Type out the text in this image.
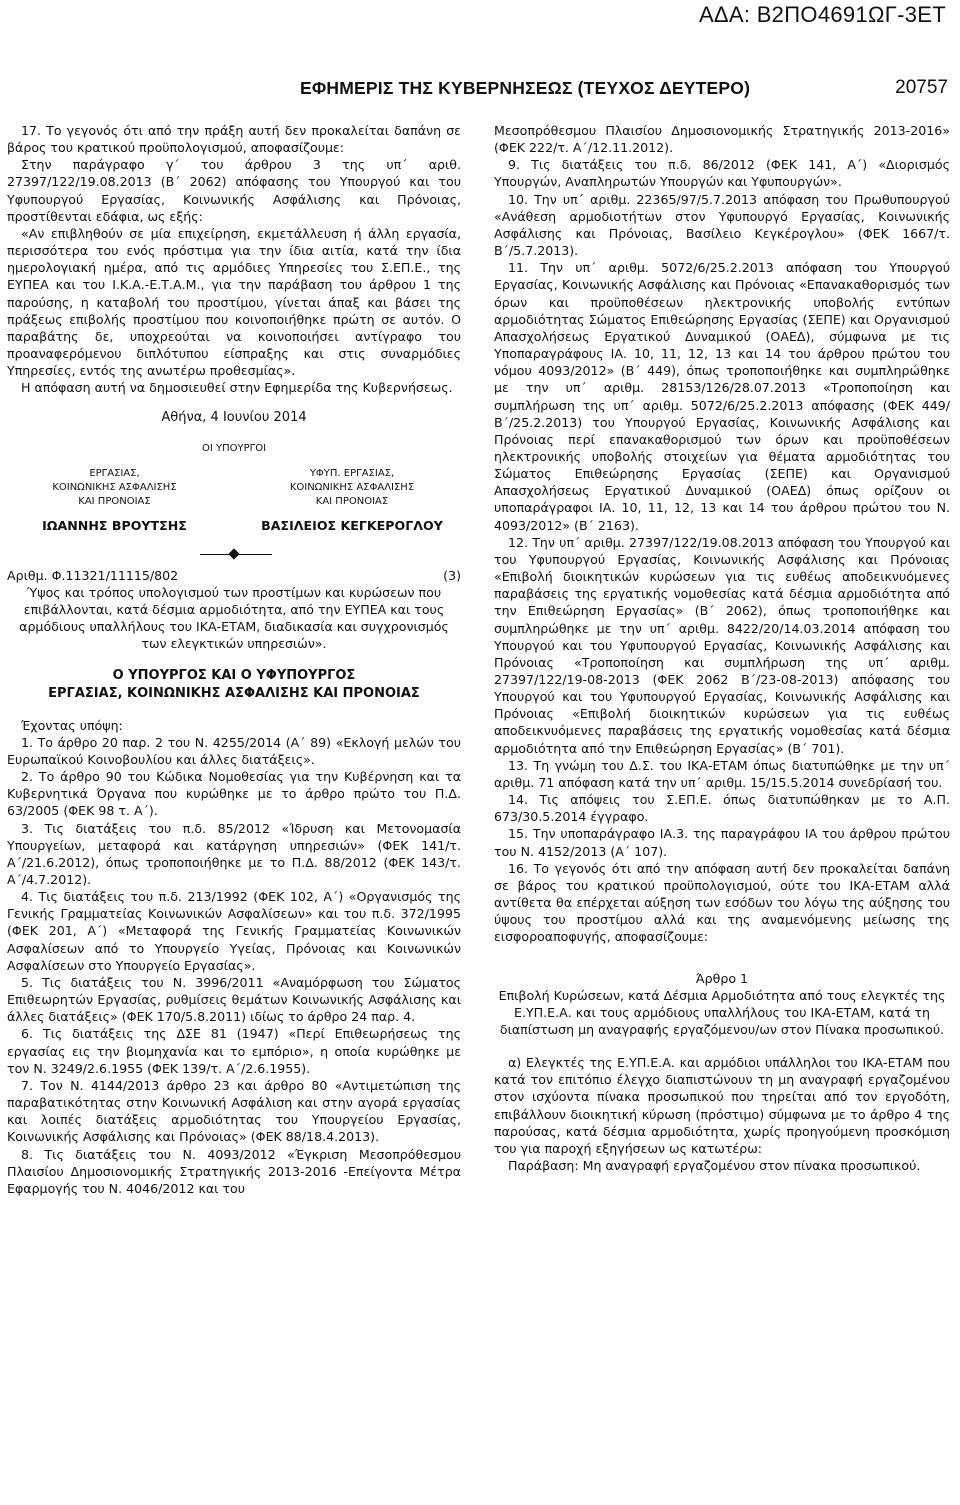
ΑΔΑ: Β2ΠΟ4691ΩΓ-3ΕΤ
ΕΦΗΜΕΡΙΣ ΤΗΣ ΚΥΒΕΡΝΗΣΕΩΣ (ΤΕΥΧΟΣ ΔΕΥΤΕΡΟ)	20757

17. Το γεγονός ότι από την πράξη αυτή δεν προκαλείται δαπάνη σε βάρος του κρατικού προϋπολογισμού, αποφασίζουμε:

Στην παράγραφο γ΄ του άρθρου 3 της υπ΄ αριθ. 27397/122/19.08.2013 (Β΄ 2062) απόφασης του Υπουργού και του Υφυπουργού Εργασίας, Κοινωνικής Ασφάλισης και Πρόνοιας, προστίθενται εδάφια, ως εξής:

«Αν επιβληθούν σε μία επιχείρηση, εκμετάλλευση ή άλλη εργασία, περισσότερα του ενός πρόστιμα για την ίδια αιτία, κατά την ίδια ημερολογιακή ημέρα, από τις αρμόδιες Υπηρεσίες του Σ.ΕΠ.Ε., της ΕΥΠΕΑ και του Ι.Κ.Α.-Ε.Τ.Α.Μ., για την παράβαση του άρθρου 1 της παρούσης, η καταβολή του προστίμου, γίνεται άπαξ και βάσει της πράξεως επιβολής προστίμου που κοινοποιήθηκε πρώτη σε αυτόν. Ο παραβάτης δε, υποχρεούται να κοινοποιήσει αντίγραφο του προαναφερόμενου διπλότυπου είσπραξης και στις συναρμόδιες Υπηρεσίες, εντός της ανωτέρω προθεσμίας».

Η απόφαση αυτή να δημοσιευθεί στην Εφημερίδα της Κυβερνήσεως.

Αθήνα, 4 Ιουνίου 2014

ΟΙ ΥΠΟΥΡΓΟΙ

ΕΡΓΑΣΙΑΣ,
ΚΟΙΝΩΝΙΚΗΣ ΑΣΦΑΛΙΣΗΣ
ΚΑΙ ΠΡΟΝΟΙΑΣ
ΙΩΑΝΝΗΣ ΒΡΟΥΤΣΗΣ
ΥΦΥΠ. ΕΡΓΑΣΙΑΣ,
ΚΟΙΝΩΝΙΚΗΣ ΑΣΦΑΛΙΣΗΣ
ΚΑΙ ΠΡΟΝΟΙΑΣ
ΒΑΣΙΛΕΙΟΣ ΚΕΓΚΕΡΟΓΛΟΥ
Αριθμ. Φ.11321/11115/802	(3)

Ύψος και τρόπος υπολογισμού των προστίμων και κυρώσεων που επιβάλλονται, κατά δέσμια αρμοδιότητα, από την ΕΥΠΕΑ και τους αρμόδιους υπαλλήλους του ΙΚΑ-ΕΤΑΜ, διαδικασία και συγχρονισμός των ελεγκτικών υπηρεσιών».

Ο ΥΠΟΥΡΓΟΣ ΚΑΙ Ο ΥΦΥΠΟΥΡΓΟΣ
ΕΡΓΑΣΙΑΣ, ΚΟΙΝΩΝΙΚΗΣ ΑΣΦΑΛΙΣΗΣ ΚΑΙ ΠΡΟΝΟΙΑΣ

Έχοντας υπόψη:

1. Το άρθρο 20 παρ. 2 του Ν. 4255/2014 (Α΄ 89) «Εκλογή μελών του Ευρωπαϊκού Κοινοβουλίου και άλλες διατάξεις».

2. Το άρθρο 90 του Κώδικα Νομοθεσίας για την Κυβέρνηση και τα Κυβερνητικά Όργανα που κυρώθηκε με το άρθρο πρώτο του Π.Δ. 63/2005 (ΦΕΚ 98 τ. Α΄).

3. Τις διατάξεις του π.δ. 85/2012 «Ίδρυση και Μετονομασία Υπουργείων, μεταφορά και κατάργηση υπηρεσιών» (ΦΕΚ 141/τ. Α΄/21.6.2012), όπως τροποποιήθηκε με το Π.Δ. 88/2012 (ΦΕΚ 143/τ. Α΄/4.7.2012).

4. Τις διατάξεις του π.δ. 213/1992 (ΦΕΚ 102, Α΄) «Οργανισμός της Γενικής Γραμματείας Κοινωνικών Ασφαλίσεων» και του π.δ. 372/1995 (ΦΕΚ 201, Α΄) «Μεταφορά της Γενικής Γραμματείας Κοινωνικών Ασφαλίσεων από το Υπουργείο Υγείας, Πρόνοιας και Κοινωνικών Ασφαλίσεων στο Υπουργείο Εργασίας».

5. Τις διατάξεις του Ν. 3996/2011 «Αναμόρφωση του Σώματος Επιθεωρητών Εργασίας, ρυθμίσεις θεμάτων Κοινωνικής Ασφάλισης και άλλες διατάξεις» (ΦΕΚ 170/5.8.2011) ιδίως το άρθρο 24 παρ. 4.

6. Τις διατάξεις της ΔΣΕ 81 (1947) «Περί Επιθεωρήσεως της εργασίας εις την βιομηχανία και το εμπόριο», η οποία κυρώθηκε με τον Ν. 3249/2.6.1955 (ΦΕΚ 139/τ. Α΄/2.6.1955).

7. Τον Ν. 4144/2013 άρθρο 23 και άρθρο 80 «Αντιμετώπιση της παραβατικότητας στην Κοινωνική Ασφάλιση και στην αγορά εργασίας και λοιπές διατάξεις αρμοδιότητας του Υπουργείου Εργασίας, Κοινωνικής Ασφάλισης και Πρόνοιας» (ΦΕΚ 88/18.4.2013).

8. Τις διατάξεις του Ν. 4093/2012 «Έγκριση Μεσοπρόθεσμου Πλαισίου Δημοσιονομικής Στρατηγικής 2013-2016 -Επείγοντα Μέτρα Εφαρμογής του Ν. 4046/2012 και του

Μεσοπρόθεσμου Πλαισίου Δημοσιονομικής Στρατηγικής 2013-2016» (ΦΕΚ 222/τ. Α΄/12.11.2012).

9. Τις διατάξεις του π.δ. 86/2012 (ΦΕΚ 141, Α΄) «Διορισμός Υπουργών, Αναπληρωτών Υπουργών και Υφυπουργών».

10. Την υπ΄ αριθμ. 22365/97/5.7.2013 απόφαση του Πρωθυπουργού «Ανάθεση αρμοδιοτήτων στον Υφυπουργό Εργασίας, Κοινωνικής Ασφάλισης και Πρόνοιας, Βασίλειο Κεγκέρογλου» (ΦΕΚ 1667/τ. Β΄/5.7.2013).

11. Την υπ΄ αριθμ. 5072/6/25.2.2013 απόφαση του Υπουργού Εργασίας, Κοινωνικής Ασφάλισης και Πρόνοιας «Επανακαθορισμός των όρων και προϋποθέσεων ηλεκτρονικής υποβολής εντύπων αρμοδιότητας Σώματος Επιθεώρησης Εργασίας (ΣΕΠΕ) και Οργανισμού Απασχολήσεως Εργατικού Δυναμικού (ΟΑΕΔ), σύμφωνα με τις Υποπαραγράφους ΙΑ. 10, 11, 12, 13 και 14 του άρθρου πρώτου του νόμου 4093/2012» (Β΄ 449), όπως τροποποιήθηκε και συμπληρώθηκε με την υπ΄ αριθμ. 28153/126/28.07.2013 «Τροποποίηση και συμπλήρωση της υπ΄ αριθμ. 5072/6/25.2.2013 απόφασης (ΦΕΚ 449/Β΄/25.2.2013) του Υπουργού Εργασίας, Κοινωνικής Ασφάλισης και Πρόνοιας περί επανακαθορισμού των όρων και προϋποθέσεων ηλεκτρονικής υποβολής στοιχείων για θέματα αρμοδιότητας του Σώματος Επιθεώρησης Εργασίας (ΣΕΠΕ) και Οργανισμού Απασχολήσεως Εργατικού Δυναμικού (ΟΑΕΔ) όπως ορίζουν οι υποπαράγραφοι ΙΑ. 10, 11, 12, 13 και 14 του άρθρου πρώτου του Ν. 4093/2012» (Β΄ 2163).

12. Την υπ΄ αριθμ. 27397/122/19.08.2013 απόφαση του Υπουργού και του Υφυπουργού Εργασίας, Κοινωνικής Ασφάλισης και Πρόνοιας «Επιβολή διοικητικών κυρώσεων για τις ευθέως αποδεικνυόμενες παραβάσεις της εργατικής νομοθεσίας κατά δέσμια αρμοδιότητα από την Επιθεώρηση Εργασίας» (Β΄ 2062), όπως τροποποιήθηκε και συμπληρώθηκε με την υπ΄ αριθμ. 8422/20/14.03.2014 απόφαση του Υπουργού και του Υφυπουργού Εργασίας, Κοινωνικής Ασφάλισης και Πρόνοιας «Τροποποίηση και συμπλήρωση της υπ΄ αριθμ. 27397/122/19-08-2013 (ΦΕΚ 2062 Β΄/23-08-2013) απόφασης του Υπουργού και του Υφυπουργού Εργασίας, Κοινωνικής Ασφάλισης και Πρόνοιας «Επιβολή διοικητικών κυρώσεων για τις ευθέως αποδεικνυόμενες παραβάσεις της εργατικής νομοθεσίας κατά δέσμια αρμοδιότητα από την Επιθεώρηση Εργασίας» (Β΄ 701).

13. Τη γνώμη του Δ.Σ. του ΙΚΑ-ΕΤΑΜ όπως διατυπώθηκε με την υπ΄ αριθμ. 71 απόφαση κατά την υπ΄ αριθμ. 15/15.5.2014 συνεδρίασή του.

14. Τις απόψεις του Σ.ΕΠ.Ε. όπως διατυπώθηκαν με το Α.Π. 673/30.5.2014 έγγραφο.

15. Την υποπαράγραφο ΙΑ.3. της παραγράφου ΙΑ του άρθρου πρώτου του Ν. 4152/2013 (Α΄ 107).

16. Το γεγονός ότι από την απόφαση αυτή δεν προκαλείται δαπάνη σε βάρος του κρατικού προϋπολογισμού, ούτε του ΙΚΑ-ΕΤΑΜ αλλά αντίθετα θα επέρχεται αύξηση των εσόδων του λόγω της αύξησης του ύψους του προστίμου αλλά και της αναμενόμενης μείωσης της εισφοροαποφυγής, αποφασίζουμε:

Άρθρο 1

Επιβολή Κυρώσεων, κατά Δέσμια Αρμοδιότητα από τους ελεγκτές της Ε.ΥΠ.Ε.Α. και τους αρμόδιους υπαλλήλους του ΙΚΑ-ΕΤΑΜ, κατά τη διαπίστωση μη αναγραφής εργαζόμενου/ων στον Πίνακα προσωπικού.

α) Ελεγκτές της Ε.ΥΠ.Ε.Α. και αρμόδιοι υπάλληλοι του ΙΚΑ-ΕΤΑΜ που κατά τον επιτόπιο έλεγχο διαπιστώνουν τη μη αναγραφή εργαζομένου στον ισχύοντα πίνακα προσωπικού που τηρείται από τον εργοδότη, επιβάλλουν διοικητική κύρωση (πρόστιμο) σύμφωνα με το άρθρο 4 της παρούσας, κατά δέσμια αρμοδιότητα, χωρίς προηγούμενη προσκόμιση του για παροχή εξηγήσεων ως κατωτέρω:

Παράβαση: Μη αναγραφή εργαζομένου στον πίνακα προσωπικού.
